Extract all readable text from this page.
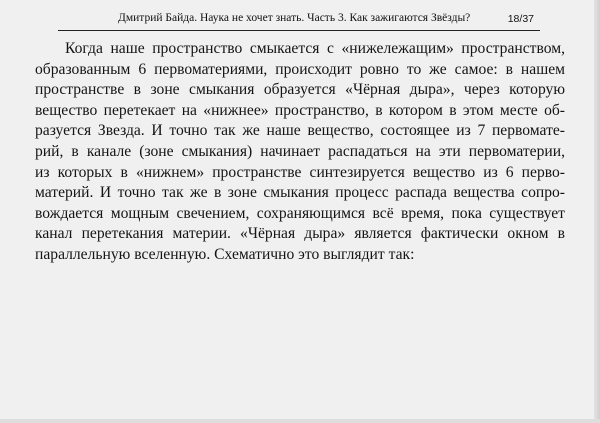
Дмитрий Байда. Наука не хочет знать. Часть 3. Как зажигаются Звёзды?	18/37
Когда наше пространство смыкается с «нижележащим» пространством,
образованным 6 первоматериями, происходит ровно то же самое: в нашем
пространстве в зоне смыкания образуется «Чёрная дыра», через которую
вещество перетекает на «нижнее» пространство, в котором в этом месте об-
разуется Звезда. И точно так же наше вещество, состоящее из 7 первомате-
рий, в канале (зоне смыкания) начинает распадаться на эти первоматерии,
из которых в «нижнем» пространстве синтезируется вещество из 6 перво-
материй. И точно так же в зоне смыкания процесс распада вещества сопро-
вождается мощным свечением, сохраняющимся всё время, пока существует
канал перетекания материи. «Чёрная дыра» является фактически окном в
параллельную вселенную. Схематично это выглядит так:
